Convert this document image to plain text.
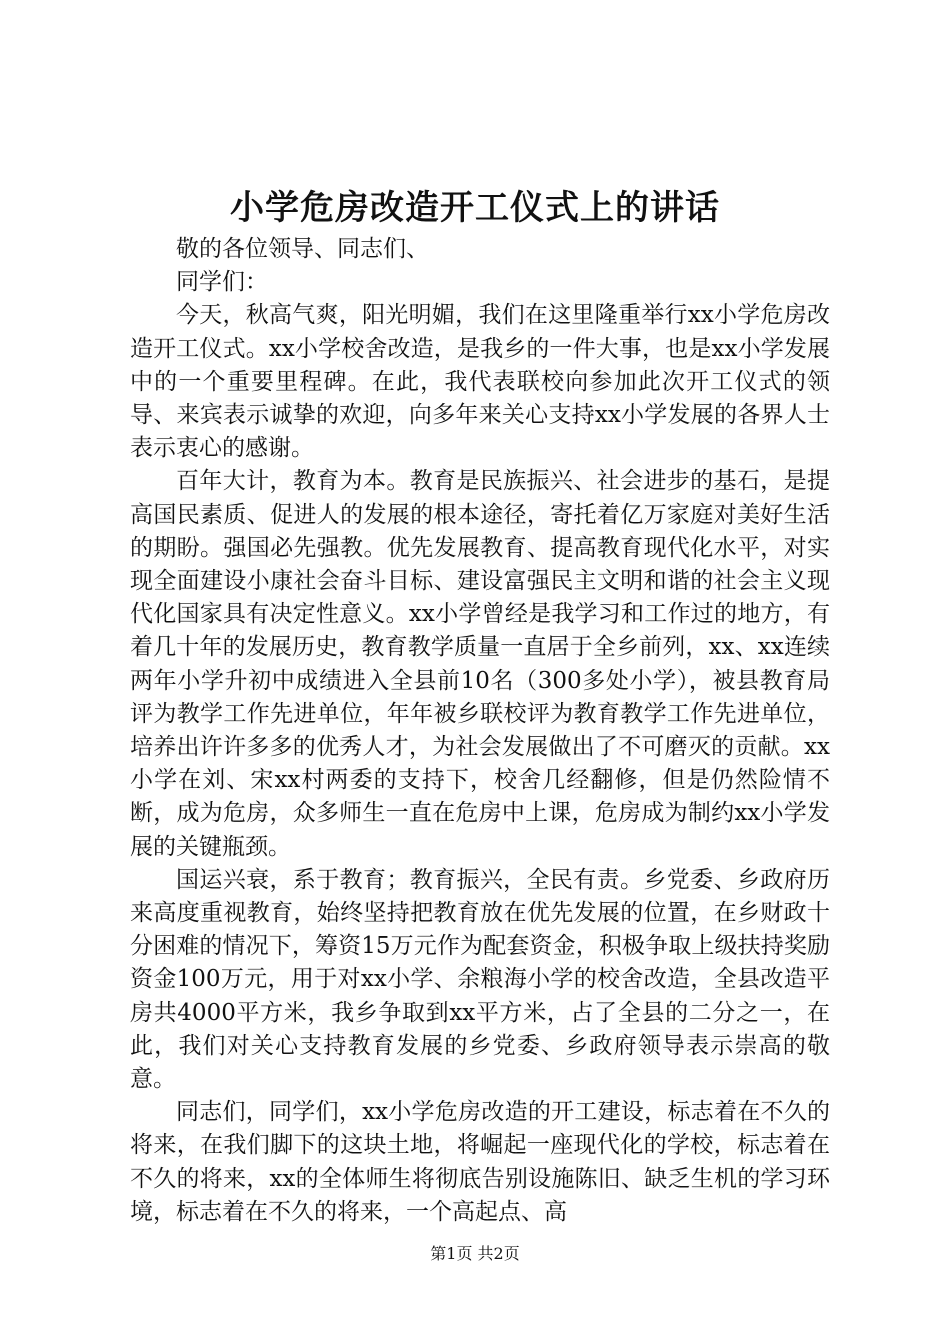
小学危房改造开工仪式上的讲话

敬的各位领导、同志们、

同学们：

今天，秋高气爽，阳光明媚，我们在这里隆重举行xx小学危房改造开工仪式。xx小学校舍改造，是我乡的一件大事，也是xx小学发展中的一个重要里程碑。在此，我代表联校向参加此次开工仪式的领导、来宾表示诚挚的欢迎，向多年来关心支持xx小学发展的各界人士表示衷心的感谢。

百年大计，教育为本。教育是民族振兴、社会进步的基石，是提高国民素质、促进人的发展的根本途径，寄托着亿万家庭对美好生活的期盼。强国必先强教。优先发展教育、提高教育现代化水平，对实现全面建设小康社会奋斗目标、建设富强民主文明和谐的社会主义现代化国家具有决定性意义。xx小学曾经是我学习和工作过的地方，有着几十年的发展历史，教育教学质量一直居于全乡前列，xx、xx连续两年小学升初中成绩进入全县前10名（300多处小学），被县教育局评为教学工作先进单位，年年被乡联校评为教育教学工作先进单位，培养出许许多多的优秀人才，为社会发展做出了不可磨灭的贡献。xx小学在刘、宋xx村两委的支持下，校舍几经翻修，但是仍然险情不断，成为危房，众多师生一直在危房中上课，危房成为制约xx小学发展的关键瓶颈。

国运兴衰，系于教育；教育振兴，全民有责。乡党委、乡政府历来高度重视教育，始终坚持把教育放在优先发展的位置，在乡财政十分困难的情况下，筹资15万元作为配套资金，积极争取上级扶持奖励资金100万元，用于对xx小学、余粮海小学的校舍改造，全县改造平房共4000平方米，我乡争取到xx平方米，占了全县的二分之一，在此，我们对关心支持教育发展的乡党委、乡政府领导表示崇高的敬意。

同志们，同学们，xx小学危房改造的开工建设，标志着在不久的将来，在我们脚下的这块土地，将崛起一座现代化的学校，标志着在不久的将来，xx的全体师生将彻底告别设施陈旧、缺乏生机的学习环境，标志着在不久的将来，一个高起点、高

第1页 共2页
